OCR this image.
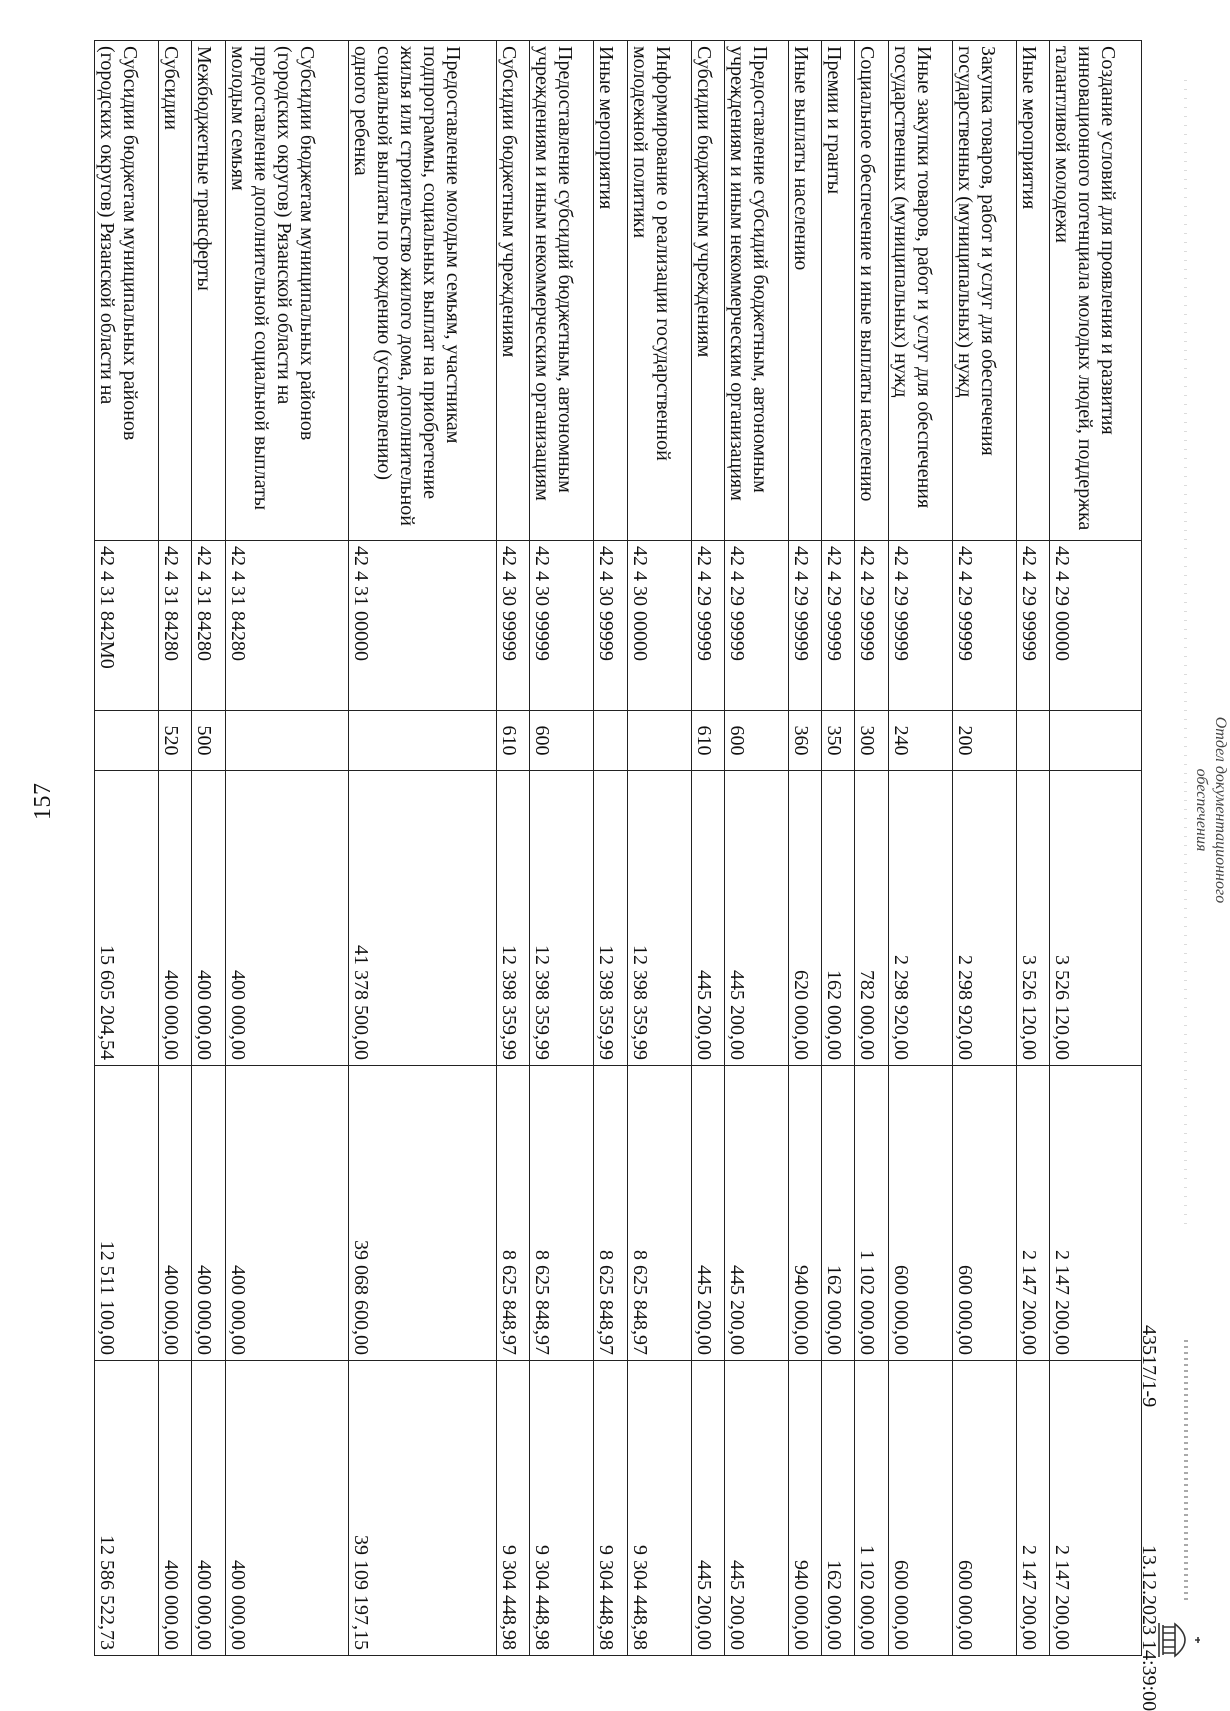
157
Создание условий для проявления и развития инновационного потенциала молодых людей, поддержка талантливой молодежи	42 4 29 00000		3 526 120,00	2 147 200,00	2 147 200,00
Иные мероприятия	42 4 29 99999		3 526 120,00	2 147 200,00	2 147 200,00
Закупка товаров, работ и услуг для обеспечения государственных (муниципальных) нужд	42 4 29 99999	200	2 298 920,00	600 000,00	600 000,00
Иные закупки товаров, работ и услуг для обеспечения государственных (муниципальных) нужд	42 4 29 99999	240	2 298 920,00	600 000,00	600 000,00
Социальное обеспечение и иные выплаты населению	42 4 29 99999	300	782 000,00	1 102 000,00	1 102 000,00
Премии и гранты	42 4 29 99999	350	162 000,00	162 000,00	162 000,00
Иные выплаты населению	42 4 29 99999	360	620 000,00	940 000,00	940 000,00
Предоставление субсидий бюджетным, автономным учреждениям и иным некоммерческим организациям	42 4 29 99999	600	445 200,00	445 200,00	445 200,00
Субсидии бюджетным учреждениям	42 4 29 99999	610	445 200,00	445 200,00	445 200,00
Информирование о реализации государственной молодежной политики	42 4 30 00000		12 398 359,99	8 625 848,97	9 304 448,98
Иные мероприятия	42 4 30 99999		12 398 359,99	8 625 848,97	9 304 448,98
Предоставление субсидий бюджетным, автономным учреждениям и иным некоммерческим организациям	42 4 30 99999	600	12 398 359,99	8 625 848,97	9 304 448,98
Субсидии бюджетным учреждениям	42 4 30 99999	610	12 398 359,99	8 625 848,97	9 304 448,98
Предоставление молодым семьям, участникам подпрограммы, социальных выплат на приобретение жилья или строительство жилого дома, дополнительной социальной выплаты по рождению (усыновлению) одного ребенка	42 4 31 00000		41 378 500,00	39 068 600,00	39 109 197,15
Субсидии бюджетам муниципальных районов (городских округов) Рязанской области на предоставление дополнительной социальной выплаты молодым семьям	42 4 31 84280		400 000,00	400 000,00	400 000,00
Межбюджетные трансферты	42 4 31 84280	500	400 000,00	400 000,00	400 000,00
Субсидии	42 4 31 84280	520	400 000,00	400 000,00	400 000,00
Субсидии бюджетам муниципальных районов (городских округов) Рязанской области на	42 4 31 842М0		15 605 204,54	12 511 100,00	12 586 522,73
Отдел документационного
обеспечения
13.12.2023 14:39:00
43517/1-9
